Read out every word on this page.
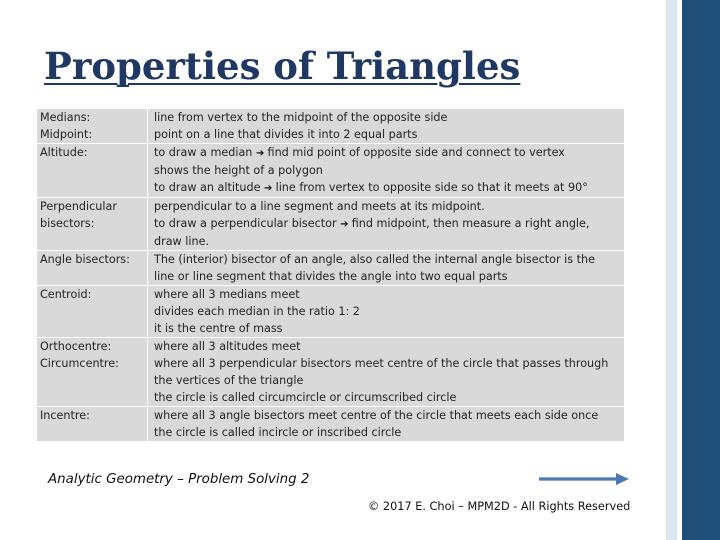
Properties of Triangles
Medians:
Midpoint:	line from vertex to the midpoint of the opposite side
point on a line that divides it into 2 equal parts

Altitude:	to draw a median ➔ find mid point of opposite side and connect to vertex
shows the height of a polygon
to draw an altitude ➔ line from vertex to opposite side so that it meets at 90°

Perpendicular
bisectors:	perpendicular to a line segment and meets at its midpoint.
to draw a perpendicular bisector ➔ find midpoint, then measure a right angle,
draw line.

Angle bisectors:	The (interior) bisector of an angle, also called the internal angle bisector is the
line or line segment that divides the angle into two equal parts

Centroid:	where all 3 medians meet
divides each median in the ratio 1: 2
it is the centre of mass

Orthocentre:
Circumcentre:	where all 3 altitudes meet
where all 3 perpendicular bisectors meet centre of the circle that passes through
the vertices of the triangle
the circle is called circumcircle or circumscribed circle

Incentre:	where all 3 angle bisectors meet centre of the circle that meets each side once
the circle is called incircle or inscribed circle

Analytic Geometry – Problem Solving 2

© 2017 E. Choi – MPM2D - All Rights Reserved
